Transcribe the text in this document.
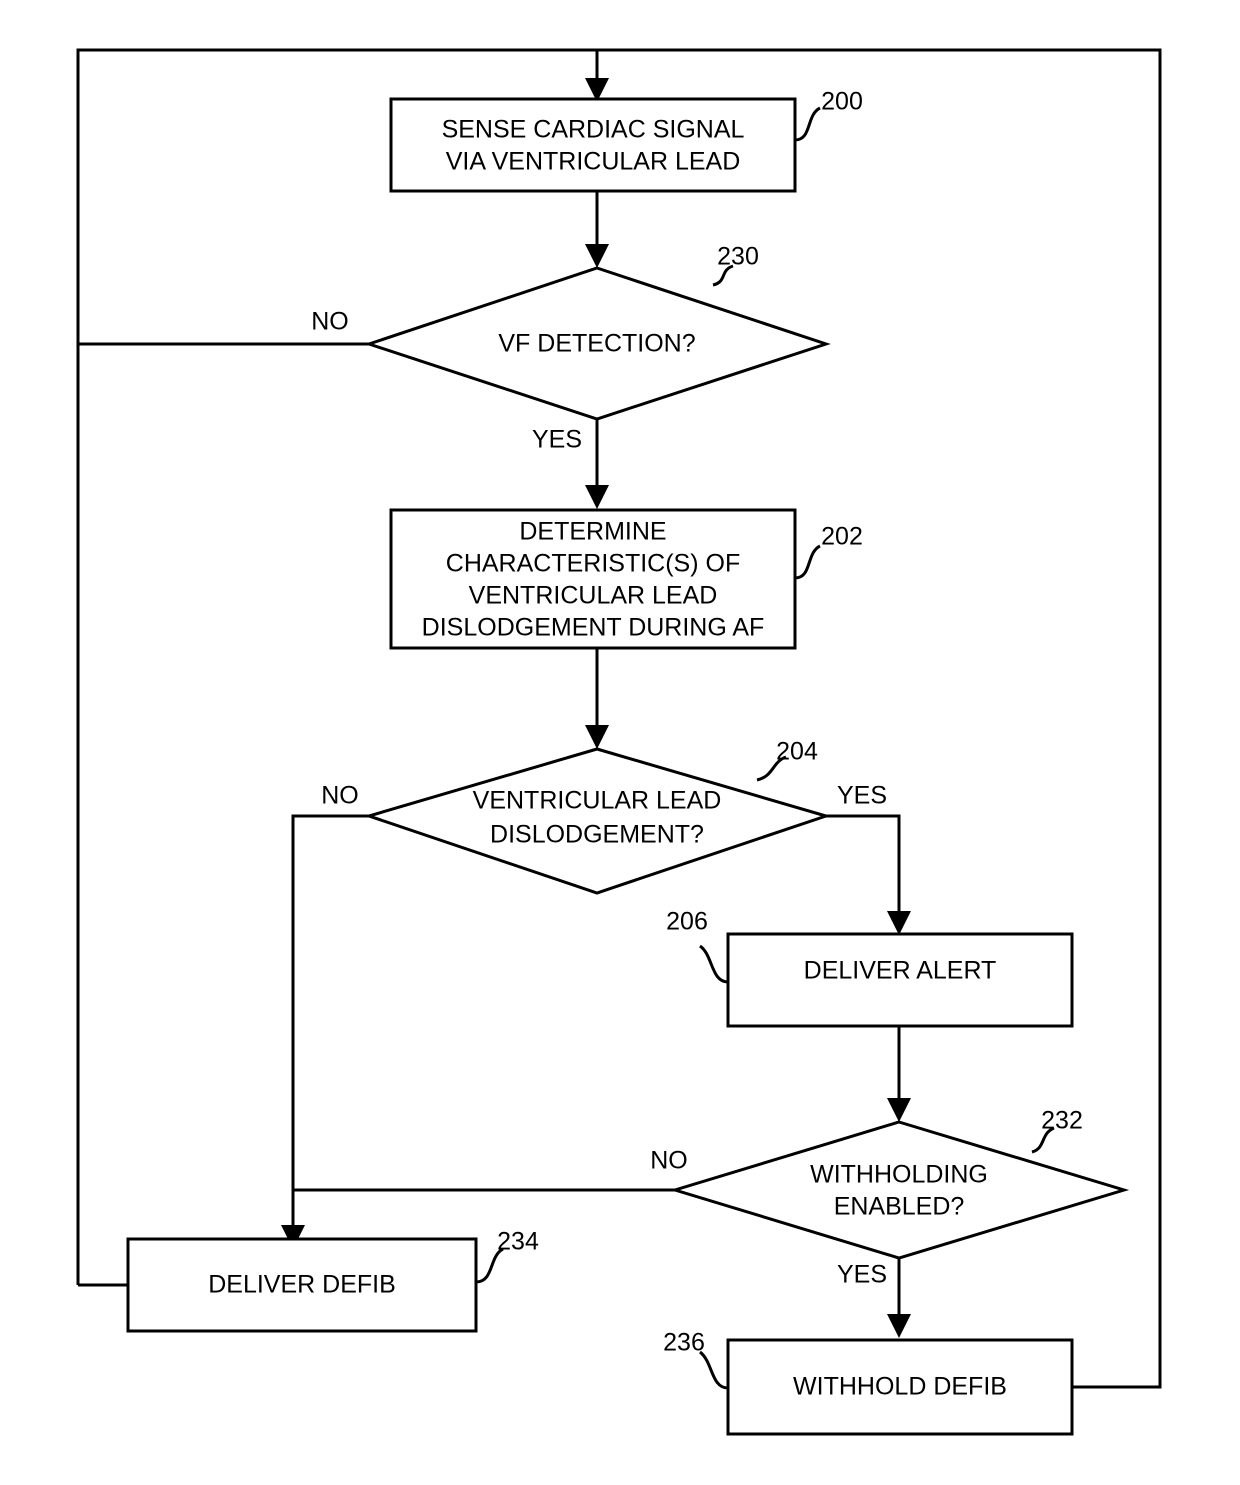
SENSE CARDIAC SIGNAL
VIA VENTRICULAR LEAD
200
VF DETECTION?
230
NO
YES
DETERMINE
CHARACTERISTIC(S) OF
VENTRICULAR LEAD
DISLODGEMENT DURING AF
202
VENTRICULAR LEAD
DISLODGEMENT?
204
NO	YES
DELIVER ALERT
206
WITHHOLDING
ENABLED?
232
NO
YES
DELIVER DEFIB
234
WITHHOLD DEFIB
236
